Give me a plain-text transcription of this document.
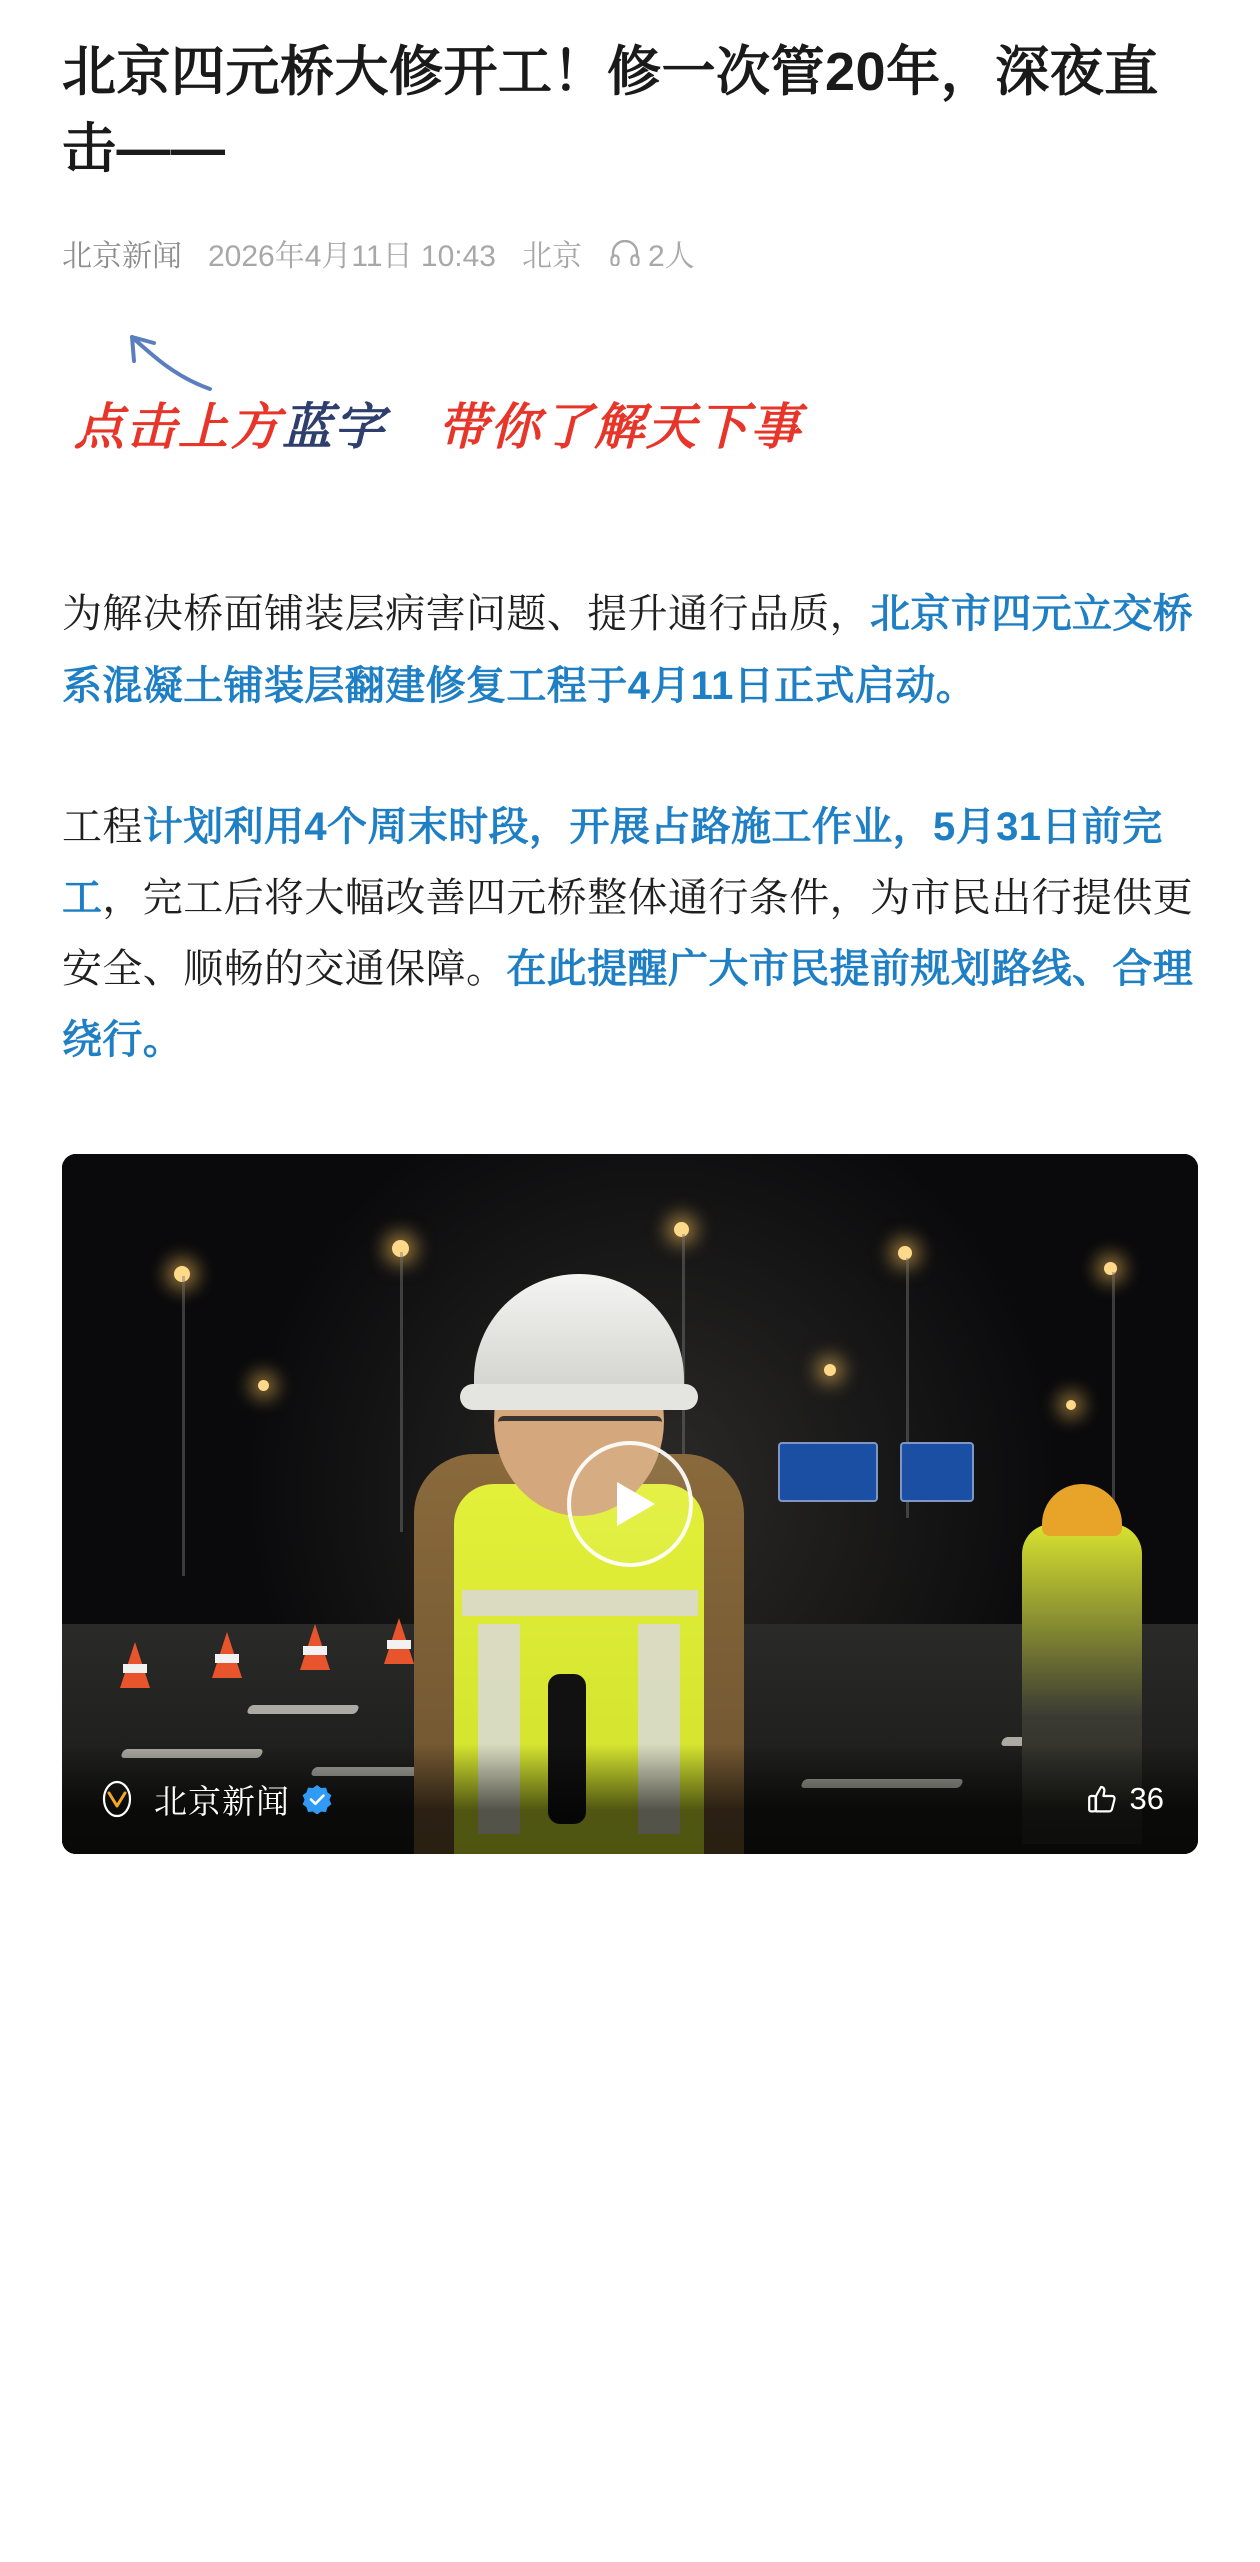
北京四元桥大修开工！修一次管20年，深夜直击——
北京新闻 2026年4月11日 10:43 北京 2人
点击上方蓝字 带你了解天下事

为解决桥面铺装层病害问题、提升通行品质，北京市四元立交桥系混凝土铺装层翻建修复工程于4月11日正式启动。

工程计划利用4个周末时段，开展占路施工作业，5月31日前完工，完工后将大幅改善四元桥整体通行条件，为市民出行提供更安全、顺畅的交通保障。在此提醒广大市民提前规划路线、合理绕行。

北京新闻	36
